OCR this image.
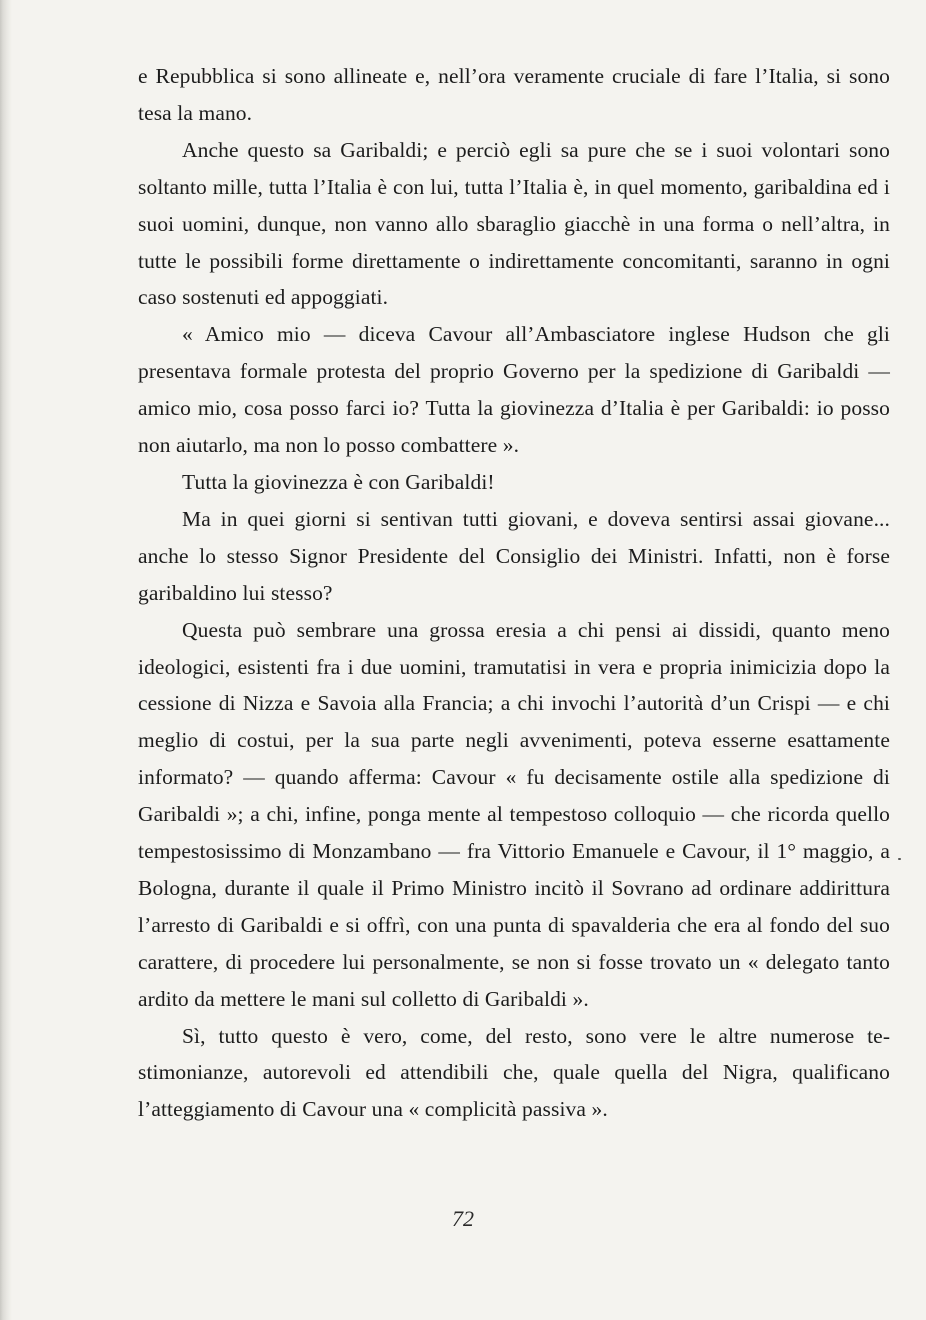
e Repubblica si sono allineate e, nell’ora veramente cruciale di fare l’Italia, si sono tesa la mano.

Anche questo sa Garibaldi; e perciò egli sa pure che se i suoi volontari sono soltanto mille, tutta l’Italia è con lui, tutta l’Italia è, in quel momento, garibaldina ed i suoi uomini, dunque, non vanno allo sbaraglio giacchè in una forma o nell’altra, in tutte le possibili forme direttamente o indirettamente concomitanti, saranno in ogni caso sostenuti ed appoggiati.

« Amico mio — diceva Cavour all’Ambasciatore inglese Hudson che gli presentava formale protesta del proprio Governo per la spedizione di Garibaldi — amico mio, cosa posso farci io? Tutta la giovinezza d’Italia è per Garibaldi: io posso non aiutarlo, ma non lo posso combattere ».

Tutta la giovinezza è con Garibaldi!

Ma in quei giorni si sentivan tutti giovani, e doveva sentirsi assai giovane... anche lo stesso Signor Presidente del Consiglio dei Ministri. Infatti, non è forse garibaldino lui stesso?

Questa può sembrare una grossa eresia a chi pensi ai dissidi, quanto meno ideologici, esistenti fra i due uomini, tramutatisi in vera e propria inimicizia dopo la cessione di Nizza e Savoia alla Francia; a chi invochi l’autorità d’un Crispi — e chi meglio di costui, per la sua parte negli avvenimenti, poteva esserne esattamente informato? — quando afferma: Cavour « fu decisamente ostile alla spedizione di Garibaldi »; a chi, infine, ponga mente al tempestoso colloquio — che ricorda quello tempestosissimo di Monzambano — fra Vittorio Emanuele e Cavour, il 1° maggio, a Bologna, durante il quale il Primo Ministro incitò il Sovrano ad ordinare addirittura l’arresto di Garibaldi e si offrì, con una punta di spavalderia che era al fondo del suo carattere, di procedere lui personalmente, se non si fosse trovato un « delegato tanto ardito da mettere le mani sul colletto di Garibaldi ».

Sì, tutto questo è vero, come, del resto, sono vere le altre numerose testimonianze, autorevoli ed attendibili che, quale quella del Nigra, qualificano l’atteggiamento di Cavour una « complicità passiva ».

72
